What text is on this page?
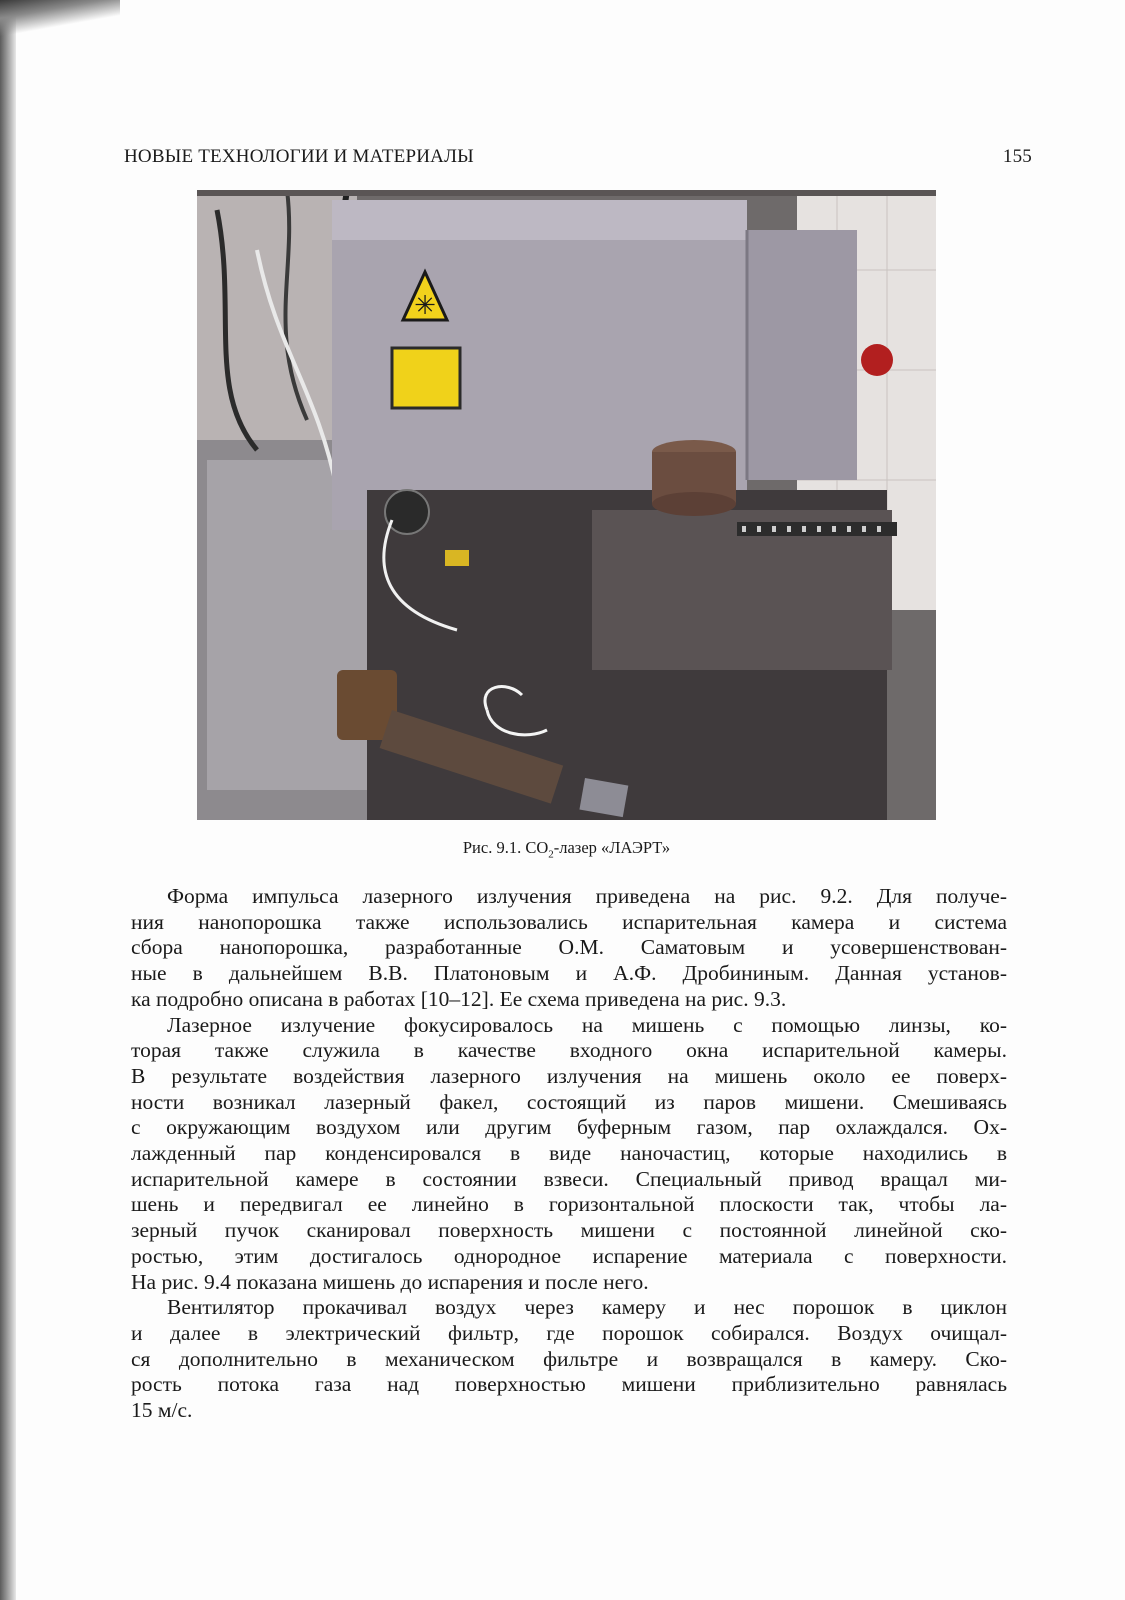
НОВЫЕ ТЕХНОЛОГИИ И МАТЕРИАЛЫ	155
✳
Рис. 9.1. $CO_2$-лазер «ЛАЭРТ»

Форма импульса лазерного излучения приведена на рис. 9.2. Для получе-
ния нанопорошка также использовались испарительная камера и система
сбора нанопорошка, разработанные О.М. Саматовым и усовершенствован-
ные в дальнейшем В.В. Платоновым и А.Ф. Дробининым. Данная установ-
ка подробно описана в работах [10–12]. Ее схема приведена на рис. 9.3.

Лазерное излучение фокусировалось на мишень с помощью линзы, ко-
торая также служила в качестве входного окна испарительной камеры.
В результате воздействия лазерного излучения на мишень около ее поверх-
ности возникал лазерный факел, состоящий из паров мишени. Смешиваясь
с окружающим воздухом или другим буферным газом, пар охлаждался. Ох-
лажденный пар конденсировался в виде наночастиц, которые находились в
испарительной камере в состоянии взвеси. Специальный привод вращал ми-
шень и передвигал ее линейно в горизонтальной плоскости так, чтобы ла-
зерный пучок сканировал поверхность мишени с постоянной линейной ско-
ростью, этим достигалось однородное испарение материала с поверхности.
На рис. 9.4 показана мишень до испарения и после него.

Вентилятор прокачивал воздух через камеру и нес порошок в циклон
и далее в электрический фильтр, где порошок собирался. Воздух очищал-
ся дополнительно в механическом фильтре и возвращался в камеру. Ско-
рость потока газа над поверхностью мишени приблизительно равнялась
15 м/с.
